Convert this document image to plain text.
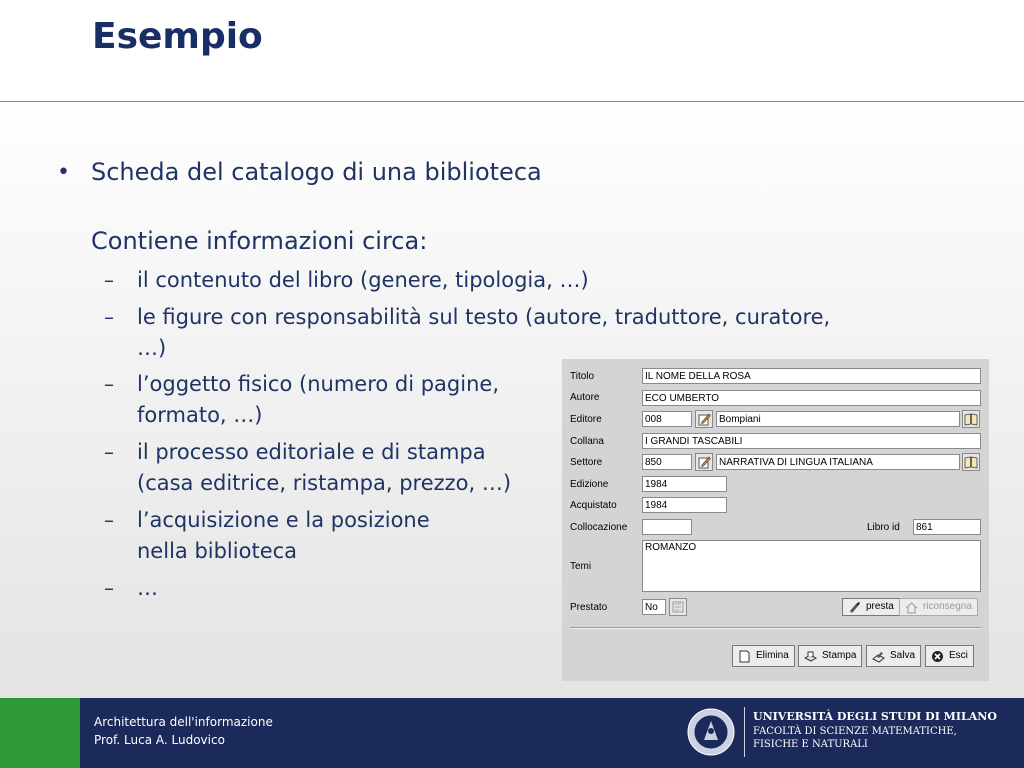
Esempio
• Scheda del catalogo di una biblioteca
Contiene informazioni circa:
– il contenuto del libro (genere, tipologia, …)
– le figure con responsabilità sul testo (autore, traduttore, curatore,
…)
– l’oggetto fisico (numero di pagine,
formato, …)
– il processo editoriale e di stampa
(casa editrice, ristampa, prezzo, …)
– l’acquisizione e la posizione
nella biblioteca
– …
Titolo	IL NOME DELLA ROSA
Autore	ECO UMBERTO
Editore	008	Bompiani
Collana	I GRANDI TASCABILI
Settore	850	NARRATIVA DI LINGUA ITALIANA
Edizione	1984
Acquistato	1984
Collocazione	Libro id	861
Temi
ROMANZO
Prestato	No	presta	riconsegna
Elimina	Stampa	Salva	Esci
Architettura dell'informazione
Prof. Luca A. Ludovico
UNIVERSITÀ DEGLI STUDI DI MILANO
FACOLTÀ DI SCIENZE MATEMATICHE,
FISICHE E NATURALI
